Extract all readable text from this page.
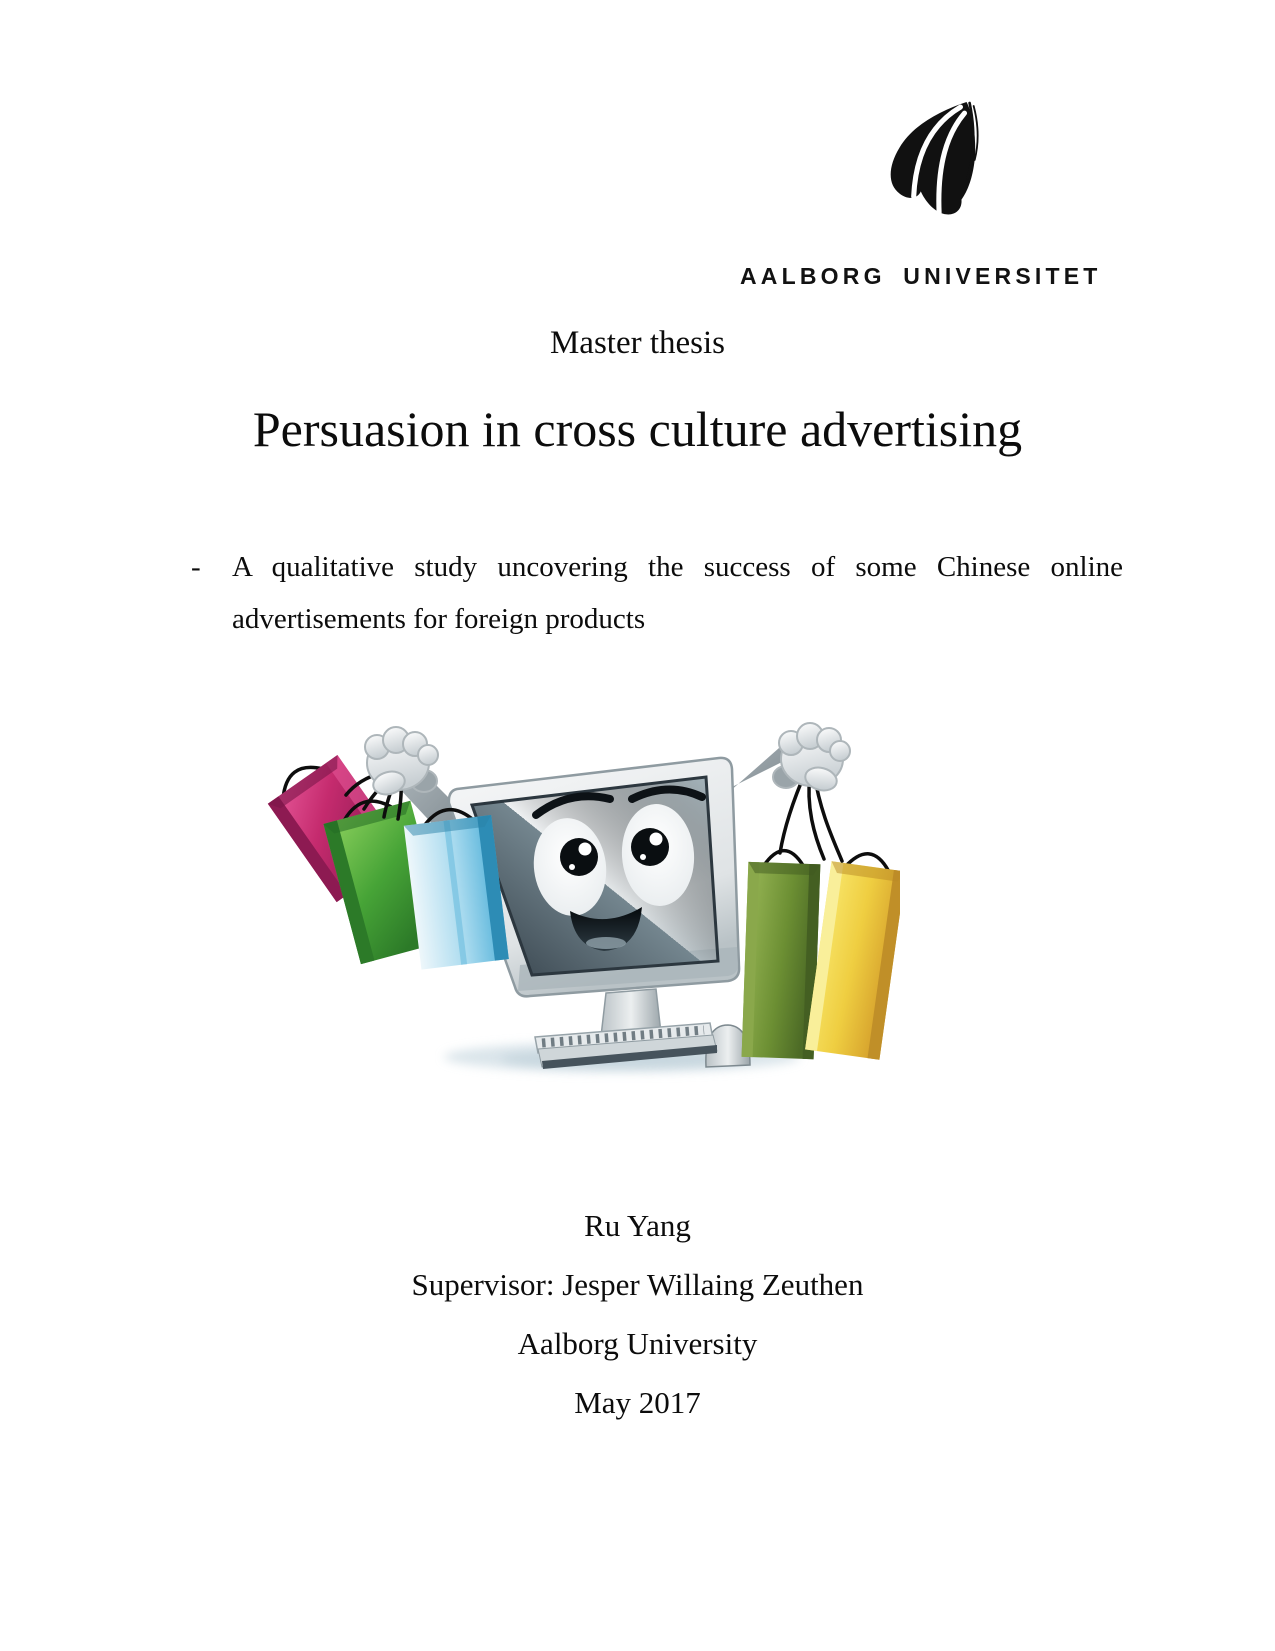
AALBORG UNIVERSITET
Master thesis
Persuasion in cross culture advertising
- A qualitative study uncovering the success of some Chinese online
advertisements for foreign products
Ru Yang
Supervisor: Jesper Willaing Zeuthen
Aalborg University
May 2017
